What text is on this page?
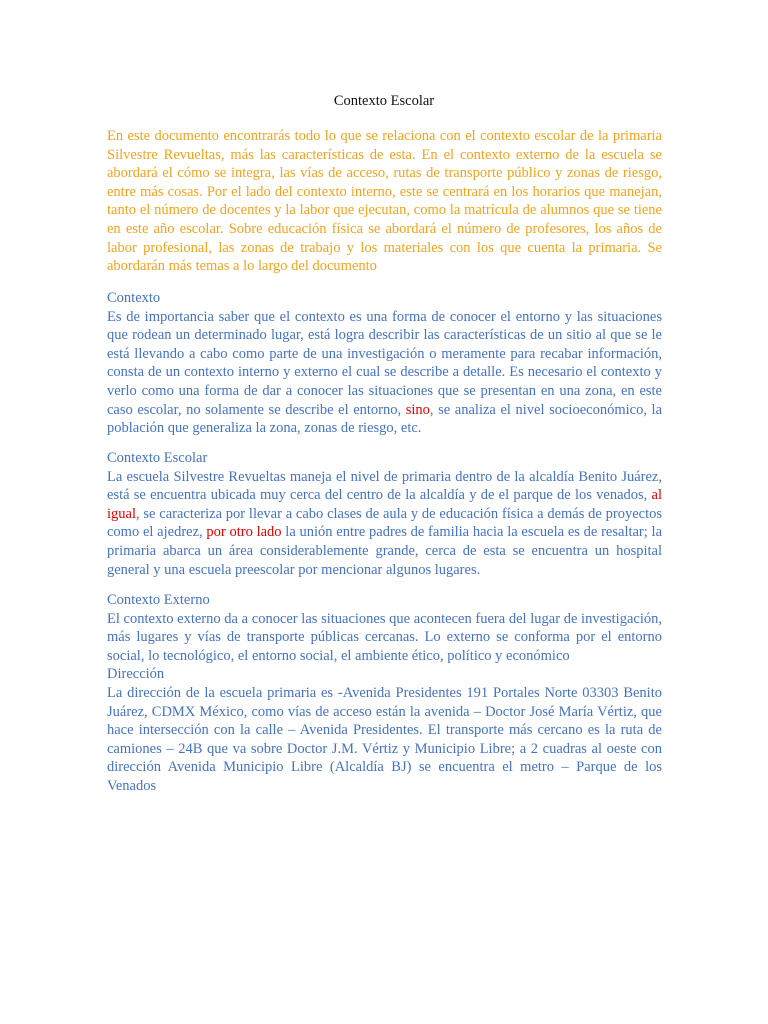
Contexto Escolar

En este documento encontrarás todo lo que se relaciona con el contexto escolar de la primaria Silvestre Revueltas, más las características de esta. En el contexto externo de la escuela se abordará el cómo se integra, las vías de acceso, rutas de transporte público y zonas de riesgo, entre más cosas. Por el lado del contexto interno, este se centrará en los horarios que manejan, tanto el número de docentes y la labor que ejecutan, como la matrícula de alumnos que se tiene en este año escolar. Sobre educación física se abordará el número de profesores, los años de labor profesional, las zonas de trabajo y los materiales con los que cuenta la primaria. Se abordarán más temas a lo largo del documento

Contexto

Es de importancia saber que el contexto es una forma de conocer el entorno y las situaciones que rodean un determinado lugar, está logra describir las características de un sitio al que se le está llevando a cabo como parte de una investigación o meramente para recabar información, consta de un contexto interno y externo el cual se describe a detalle. Es necesario el contexto y verlo como una forma de dar a conocer las situaciones que se presentan en una zona, en este caso escolar, no solamente se describe el entorno, sino, se analiza el nivel socioeconómico, la población que generaliza la zona, zonas de riesgo, etc.

Contexto Escolar

La escuela Silvestre Revueltas maneja el nivel de primaria dentro de la alcaldía Benito Juárez, está se encuentra ubicada muy cerca del centro de la alcaldía y de el parque de los venados, al igual, se caracteriza por llevar a cabo clases de aula y de educación física a demás de proyectos como el ajedrez, por otro lado la unión entre padres de familia hacia la escuela es de resaltar; la primaria abarca un área considerablemente grande, cerca de esta se encuentra un hospital general y una escuela preescolar por mencionar algunos lugares.

Contexto Externo

El contexto externo da a conocer las situaciones que acontecen fuera del lugar de investigación, más lugares y vías de transporte públicas cercanas. Lo externo se conforma por el entorno social, lo tecnológico, el entorno social, el ambiente ético, político y económico

Dirección

La dirección de la escuela primaria es -Avenida Presidentes 191 Portales Norte 03303 Benito Juárez, CDMX México, como vías de acceso están la avenida – Doctor José María Vértiz, que hace intersección con la calle – Avenida Presidentes. El transporte más cercano es la ruta de camiones – 24B que va sobre Doctor J.M. Vértiz y Municipio Libre; a 2 cuadras al oeste con dirección Avenida Municipio Libre (Alcaldía BJ) se encuentra el metro – Parque de los Venados
